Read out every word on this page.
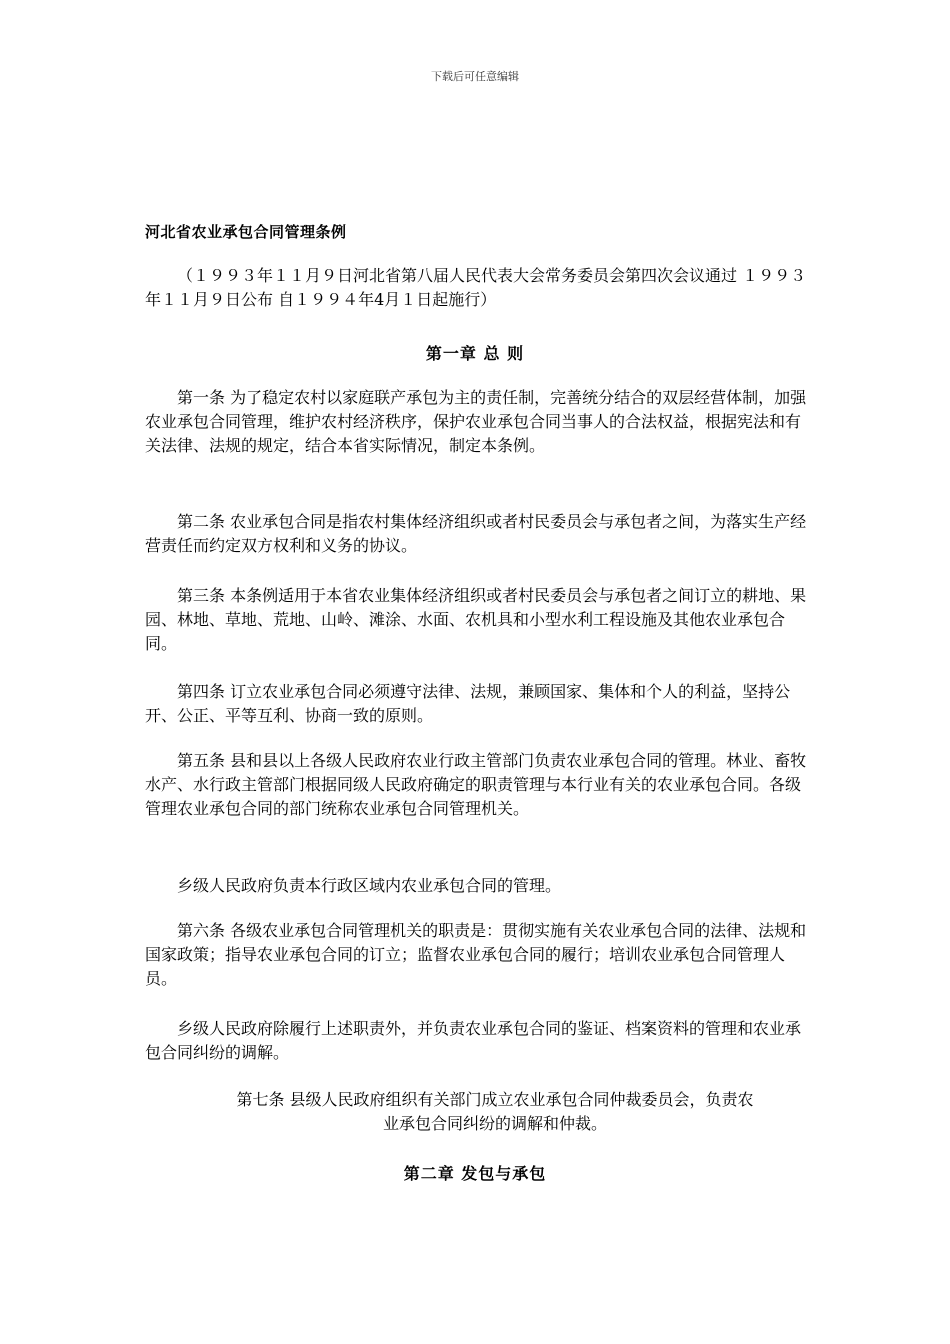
下载后可任意编辑
河北省农业承包合同管理条例

（１９９３年１１月９日河北省第八届人民代表大会常务委员会第四次会议通过 １９９３年１１月９日公布 自１９９４年4月１日起施行）

第一章 总 则

第一条 为了稳定农村以家庭联产承包为主的责任制，完善统分结合的双层经营体制，加强农业承包合同管理，维护农村经济秩序，保护农业承包合同当事人的合法权益，根据宪法和有关法律、法规的规定，结合本省实际情况，制定本条例。

第二条 农业承包合同是指农村集体经济组织或者村民委员会与承包者之间，为落实生产经营责任而约定双方权利和义务的协议。

第三条 本条例适用于本省农业集体经济组织或者村民委员会与承包者之间订立的耕地、果园、林地、草地、荒地、山岭、滩涂、水面、农机具和小型水利工程设施及其他农业承包合同。

第四条 订立农业承包合同必须遵守法律、法规，兼顾国家、集体和个人的利益，坚持公开、公正、平等互利、协商一致的原则。

第五条 县和县以上各级人民政府农业行政主管部门负责农业承包合同的管理。林业、畜牧水产、水行政主管部门根据同级人民政府确定的职责管理与本行业有关的农业承包合同。各级管理农业承包合同的部门统称农业承包合同管理机关。

乡级人民政府负责本行政区域内农业承包合同的管理。

第六条 各级农业承包合同管理机关的职责是：贯彻实施有关农业承包合同的法律、法规和国家政策；指导农业承包合同的订立；监督农业承包合同的履行；培训农业承包合同管理人员。

乡级人民政府除履行上述职责外，并负责农业承包合同的鉴证、档案资料的管理和农业承包合同纠纷的调解。

第七条 县级人民政府组织有关部门成立农业承包合同仲裁委员会，负责农
业承包合同纠纷的调解和仲裁。

第二章 发包与承包
